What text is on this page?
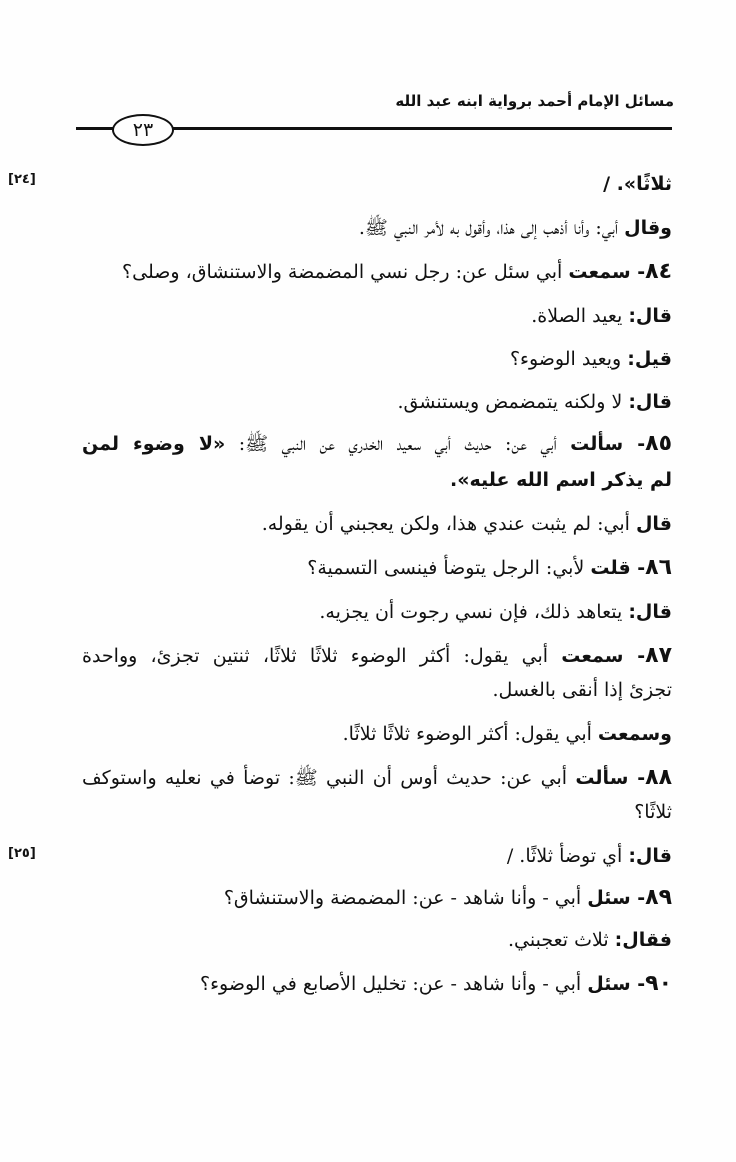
مسائل الإمام أحمد برواية ابنه عبد الله
٢٣
[٢٤]
[٢٥]
ثلاثًا». /
وقال أبي: وأنا أذهب إلى هذا، وأقول به لأمر النبي ﷺ.
٨٤- سمعت أبي سئل عن: رجل نسي المضمضة والاستنشاق، وصلى؟
قال: يعيد الصلاة.
قيل: ويعيد الوضوء؟
قال: لا ولكنه يتمضمض ويستنشق.
٨٥- سألت أبي عن: حديث أبي سعيد الخدري عن النبي ﷺ: «لا وضوء لمن
لم يذكر اسم الله عليه».
قال أبي: لم يثبت عندي هذا، ولكن يعجبني أن يقوله.
٨٦- قلت لأبي: الرجل يتوضأ فينسى التسمية؟
قال: يتعاهد ذلك، فإن نسي رجوت أن يجزيه.
٨٧- سمعت أبي يقول: أكثر الوضوء ثلاثًا ثلاثًا، ثنتين تجزئ، وواحدة
تجزئ إذا أنقى بالغسل.
وسمعت أبي يقول: أكثر الوضوء ثلاثًا ثلاثًا.
٨٨- سألت أبي عن: حديث أوس أن النبي ﷺ: توضأ في نعليه واستوكف
ثلاثًا؟
قال: أي توضأ ثلاثًا. /
٨٩- سئل أبي - وأنا شاهد - عن: المضمضة والاستنشاق؟
فقال: ثلاث تعجبني.
٩٠- سئل أبي - وأنا شاهد - عن: تخليل الأصابع في الوضوء؟
